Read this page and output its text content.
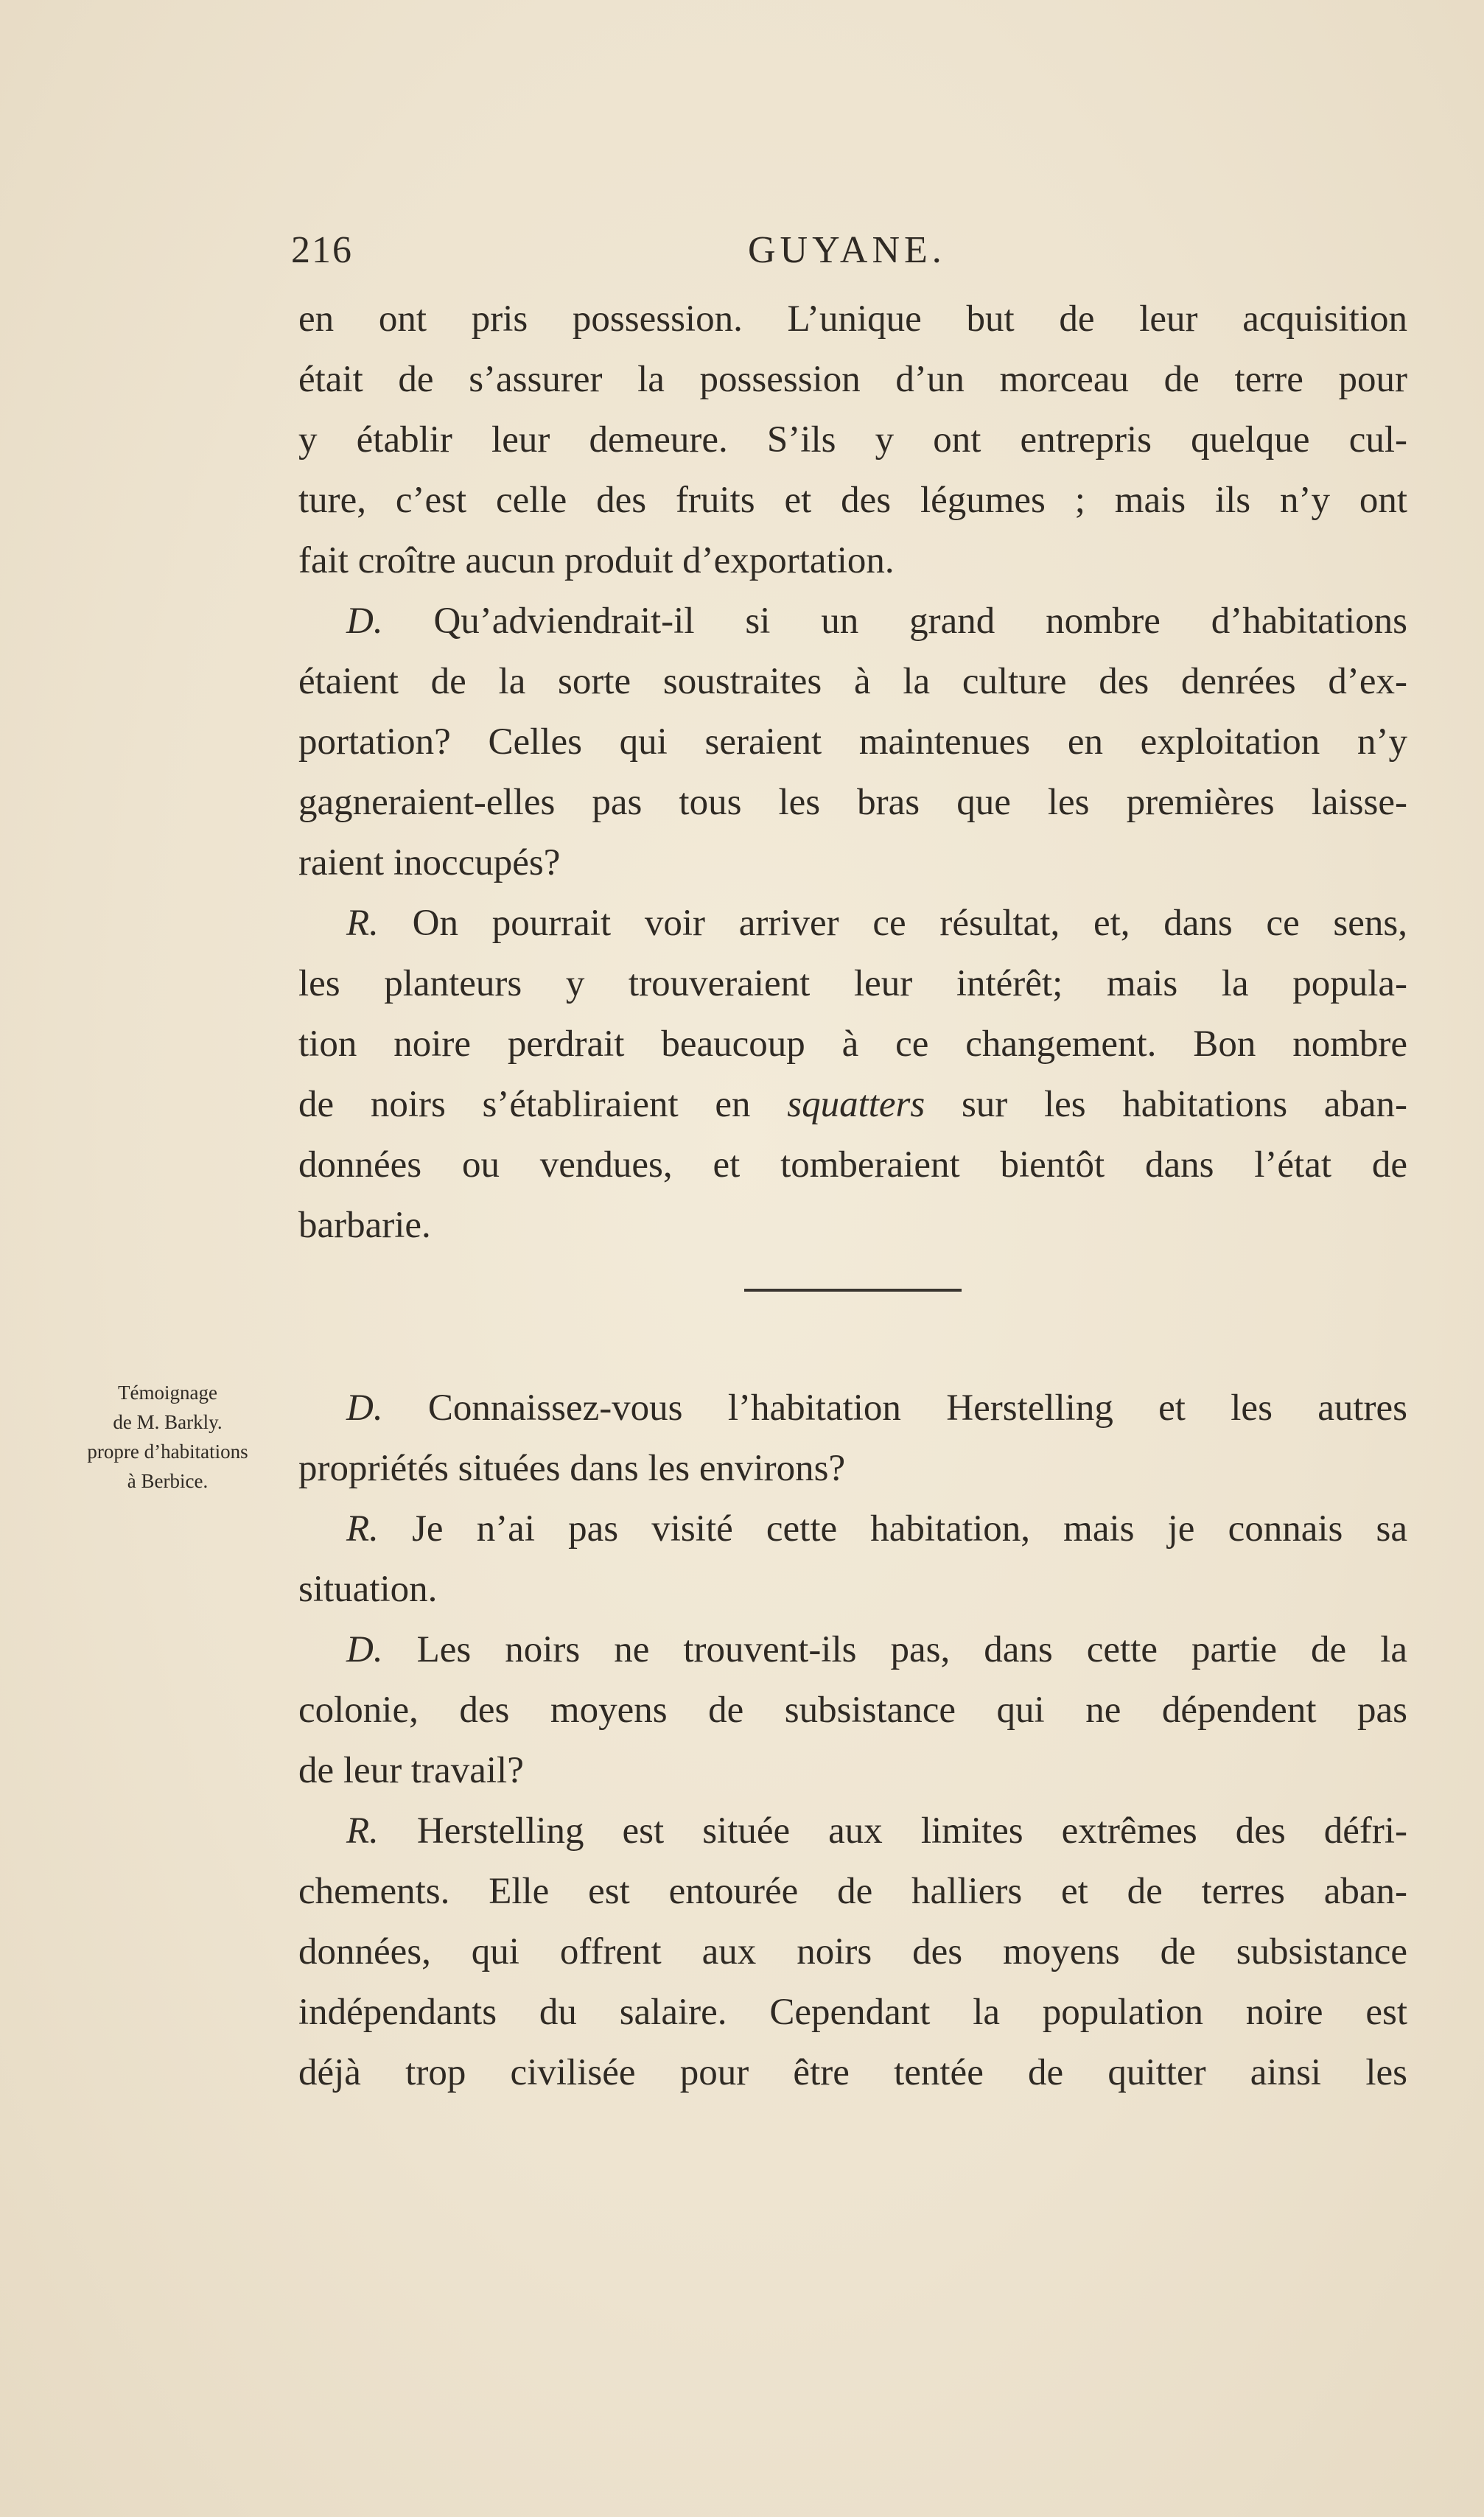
216	GUYANE.
en ont pris possession. L’unique but de leur acquisition
était de s’assurer la possession d’un morceau de terre pour
y établir leur demeure. S’ils y ont entrepris quelque cul-
ture, c’est celle des fruits et des légumes ; mais ils n’y ont
fait croître aucun produit d’exportation.
D. Qu’adviendrait-il si un grand nombre d’habitations
étaient de la sorte soustraites à la culture des denrées d’ex-
portation? Celles qui seraient maintenues en exploitation n’y
gagneraient-elles pas tous les bras que les premières laisse-
raient inoccupés?
R. On pourrait voir arriver ce résultat, et, dans ce sens,
les planteurs y trouveraient leur intérêt; mais la popula-
tion noire perdrait beaucoup à ce changement. Bon nombre
de noirs s’établiraient en squatters sur les habitations aban-
données ou vendues, et tomberaient bientôt dans l’état de
barbarie.
Témoignage
de M. Barkly.
propre d’habitations
à Berbice.
D. Connaissez-vous l’habitation Herstelling et les autres
propriétés situées dans les environs?
R. Je n’ai pas visité cette habitation, mais je connais sa
situation.
D. Les noirs ne trouvent-ils pas, dans cette partie de la
colonie, des moyens de subsistance qui ne dépendent pas
de leur travail?
R. Herstelling est située aux limites extrêmes des défri-
chements. Elle est entourée de halliers et de terres aban-
données, qui offrent aux noirs des moyens de subsistance
indépendants du salaire. Cependant la population noire est
déjà trop civilisée pour être tentée de quitter ainsi les
